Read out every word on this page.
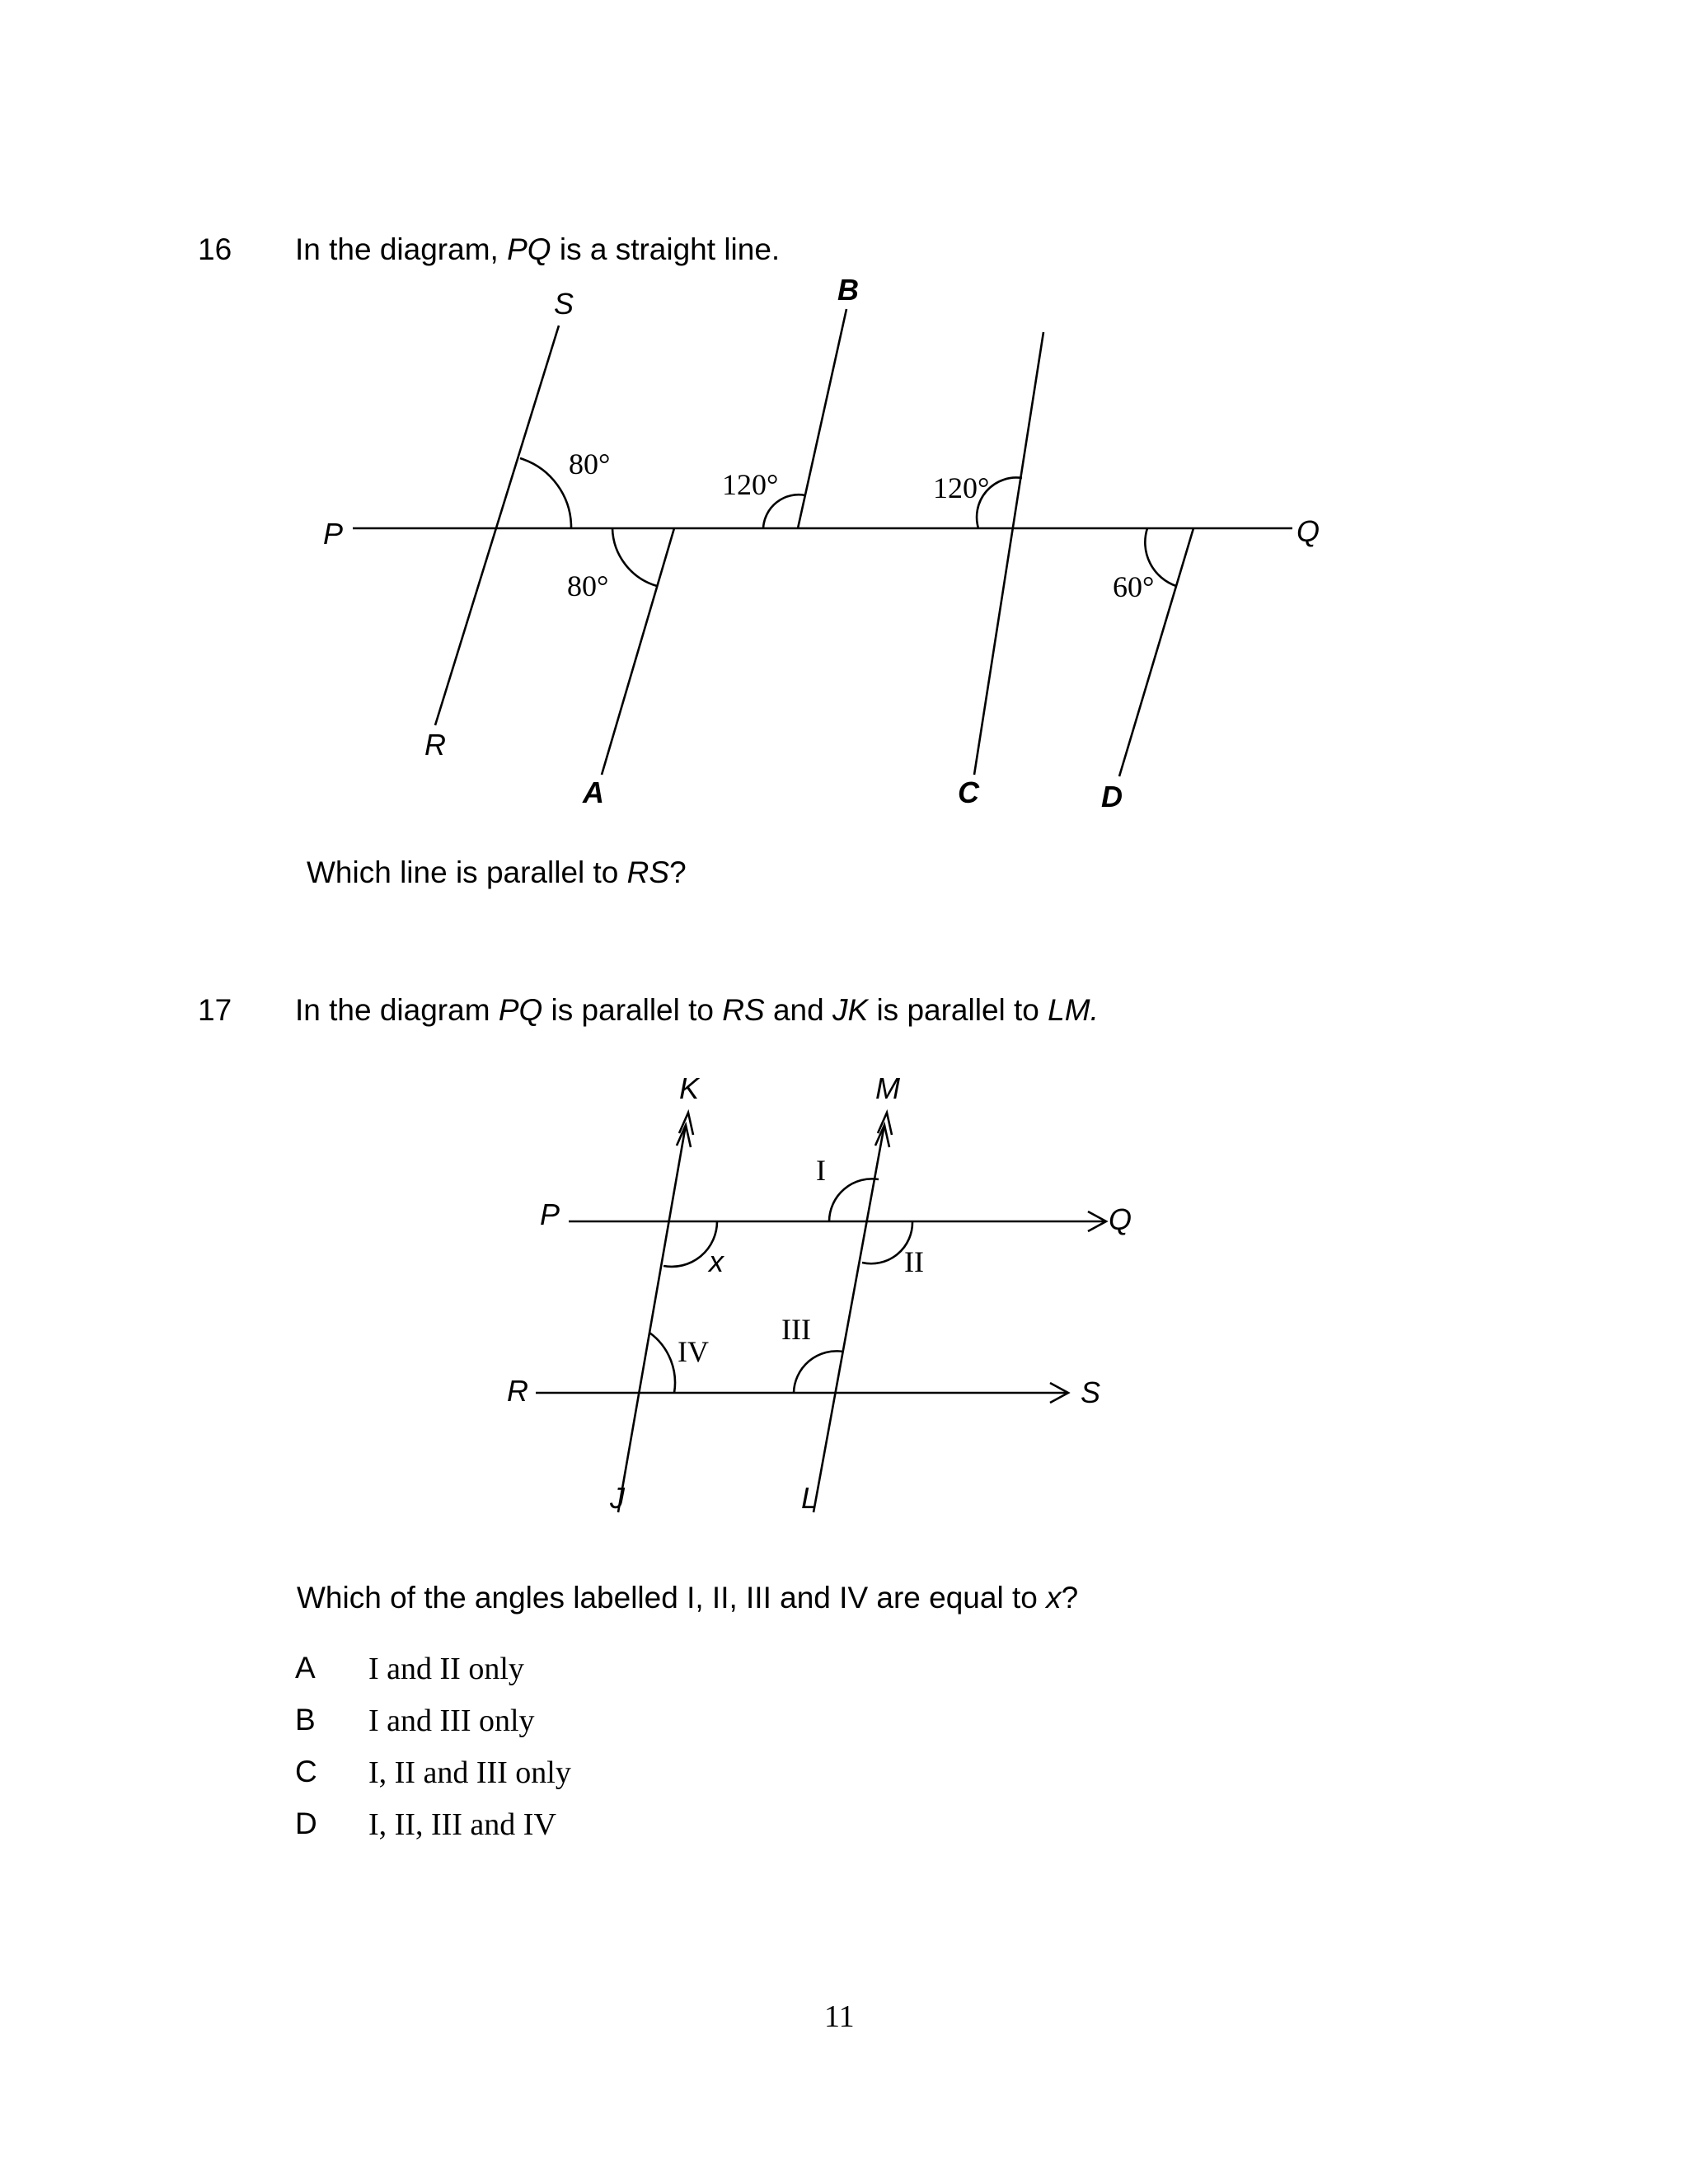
16 In the diagram, PQ is a straight line.
P	Q
S
R
B
A	C	D
80°
80°
120°	120°
60°
Which line is parallel to RS?
17 In the diagram PQ is parallel to RS and JK is parallel to LM.
K	M
P	Q
R	S
J	L
x
I
II
III
IV
Which of the angles labelled I, II, III and IV are equal to x?
A I and II only
B I and III only
C I, II and III only
D I, II, III and IV
11
